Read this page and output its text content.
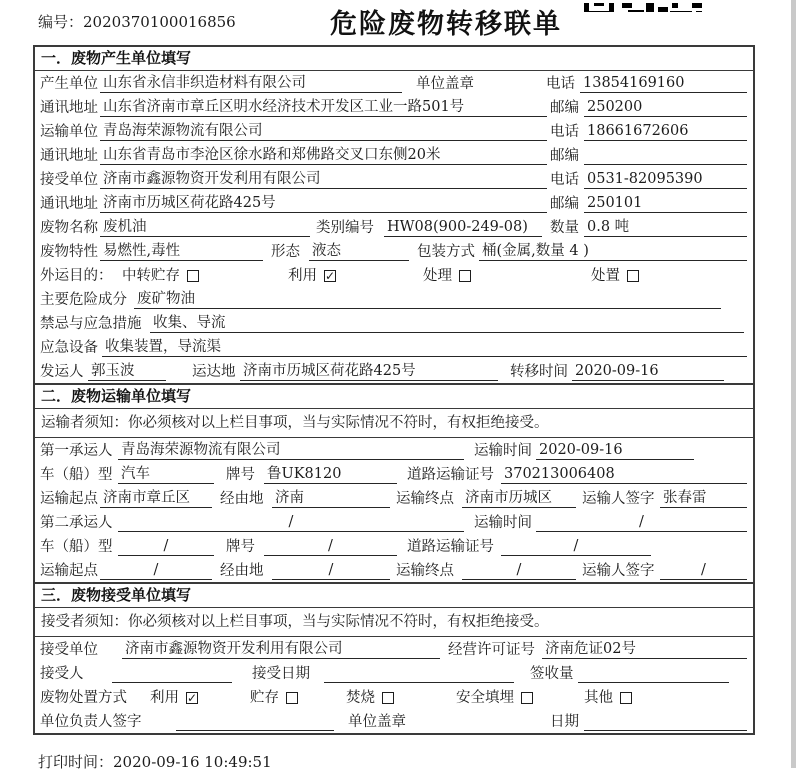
编号：2020370100016856	危险废物转移联单
一．废物产生单位填写
产生单位 山东省永信非织造材料有限公司	单位盖章	电话 13854169160
通讯地址 山东省济南市章丘区明水经济技术开发区工业一路501号	邮编 250200
运输单位 青岛海荣源物流有限公司	电话 18661672606
通讯地址 山东省青岛市李沧区徐水路和郑佛路交叉口东侧20米	邮编
接受单位 济南市鑫源物资开发利用有限公司	电话 0531-82095390
通讯地址 济南市历城区荷花路425号	邮编 250101
废物名称 废机油	类别编号 HW08(900-249-08)	数量 0.8 吨
废物特性 易燃性,毒性	形态 液态	包装方式 桶(金属,数量 4 )
外运目的： 中转贮存	利用 ✓	处理	处置
主要危险成分 废矿物油
禁忌与应急措施 收集、导流
应急设备 收集装置，导流渠
发运人 郭玉波	运达地 济南市历城区荷花路425号	转移时间 2020-09-16
二．废物运输单位填写
运输者须知：你必须核对以上栏目事项，当与实际情况不符时，有权拒绝接受。
第一承运人 青岛海荣源物流有限公司	运输时间 2020-09-16
车（船）型 汽车	牌号 鲁UK8120	道路运输证号 370213006408
运输起点 济南市章丘区	经由地 济南	运输终点 济南市历城区	运输人签字 张春雷
第二承运人	/	运输时间	/
车（船）型	/	牌号	/	道路运输证号	/
运输起点	/	经由地	/	运输终点	/	运输人签字	/
三．废物接受单位填写
接受者须知：你必须核对以上栏目事项，当与实际情况不符时，有权拒绝接受。
接受单位 济南市鑫源物资开发利用有限公司	经营许可证号 济南危证02号
接受人	接受日期	签收量
废物处置方式	利用 ✓	贮存	焚烧	安全填埋	其他
单位负责人签字	单位盖章	日期
打印时间：2020-09-16 10:49:51
